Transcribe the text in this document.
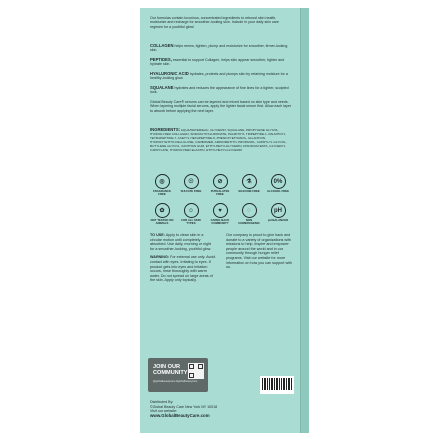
Our formulas contain luxurious, concentrated ingredients to reboost skin health, moisturize and recharge for smoother-looking skin. Include in your daily skin care regimen for a youthful glow!
COLLAGEN helps renew, tighten, plump and moisturize for smoother, firmer-looking skin.
PEPTIDES, essential to support Collagen, helps skin appear smoother, tighter and hydrate skin.
HYALURONIC ACID hydrates, protects and plumps skin by retaining moisture for a healthy-looking glow.
SQUALANE hydrates and reduces the appearance of fine lines for a tighter, sculpted look.
Global Beauty Care® serums can be layered and mixed based on skin type and needs. When layering multiple facial serums, apply the lighter facial serum first. Allow each layer to absorb before applying the next layer.
INGREDIENTS: AQUA/WATER/EAU, GLYCERIN, SQUALANE, PROPYLENE GLYCOL, HYDROLYZED COLLAGEN, SODIUM HYALURONATE, PALMITOYL TRIPEPTIDE-1, PALMITOYL TETRAPEPTIDE-7, ACETYL HEXAPEPTIDE-8, PHENOXYETHANOL, ALLANTOIN, HYDROXYETHYLCELLULOSE, CARBOMER, AMINOMETHYL PROPANOL, CAPRYLYL GLYCOL, BUTYLENE GLYCOL, XANTHAN GUM, ETHYLHEXYLGLYCERIN, DISODIUM EDTA, GLYCERYL CAPRYLATE, HYDROLYZED ELASTIN, ETHYLHEXYLGLYCERIN
◎
FRAGRANCE FREE
☉
SULFATE FREE
⊘
PHTHALATES FREE
⚗
SILICONE FREE
0%
ALCOHOL FREE
✿
NOT TESTED ON ANIMALS
☺
FOR ALL SKIN TYPES
♥
GIVING BACK COMMUNITY
◌
NON COMEDOGENIC
pH
pH BALANCED

TO USE: Apply to clean skin in a circular motion until completely absorbed. Use daily, morning or night for a smoother-looking, youthful glow.

WARNING: For external use only. Avoid contact with eyes. Irritating to eyes. If product gets into eyes and irritation occurs, rinse thoroughly with warm water. Do not spread on large areas of the skin. Apply only topically.

Our company is proud to give back and donate to a variety of organizations with missions to help, inspire and empower people around the world and in our community through hunger relief programs. Visit our website for more information on how you can support with us.

JOIN OUR COMMUNITY
@globalbeautycare #globalbeautycare
Distributed By:
©Global Beauty Care New York NY 10018
Visit our website:
www.GlobalBeautyCare.com
